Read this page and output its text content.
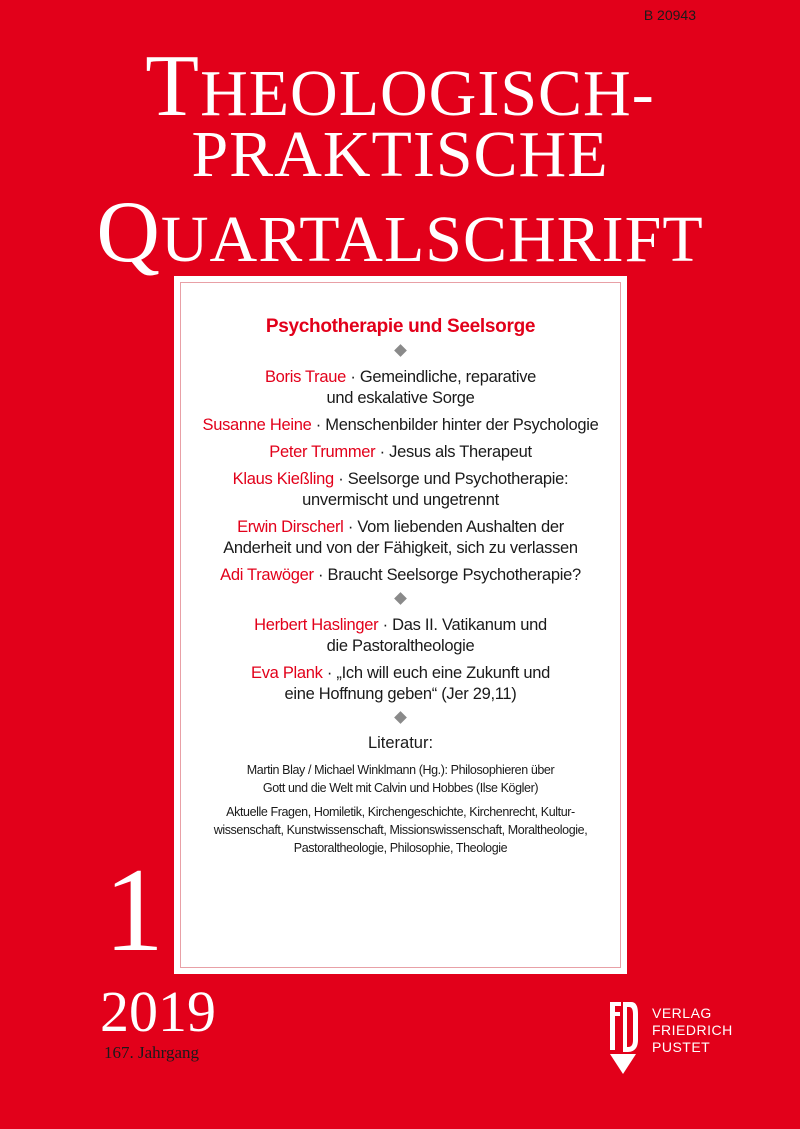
B 20943
THEOLOGISCH-
PRAKTISCHE
QUARTALSCHRIFT
Psychotherapie und Seelsorge
Boris Traue · Gemeindliche, reparative
und eskalative Sorge
Susanne Heine · Menschenbilder hinter der Psychologie
Peter Trummer · Jesus als Therapeut
Klaus Kießling · Seelsorge und Psychotherapie:
unvermischt und ungetrennt
Erwin Dirscherl · Vom liebenden Aushalten der
Anderheit und von der Fähigkeit, sich zu verlassen
Adi Trawöger · Braucht Seelsorge Psychotherapie?
Herbert Haslinger · Das II. Vatikanum und
die Pastoraltheologie
Eva Plank · „Ich will euch eine Zukunft und
eine Hoffnung geben“ (Jer 29,11)
Literatur:
Martin Blay / Michael Winklmann (Hg.): Philosophieren über
Gott und die Welt mit Calvin und Hobbes (Ilse Kögler)
Aktuelle Fragen, Homiletik, Kirchengeschichte, Kirchenrecht, Kultur-
wissenschaft, Kunstwissenschaft, Missionswissenschaft, Moraltheologie,
Pastoraltheologie, Philosophie, Theologie
1
2019
167. Jahrgang
VERLAG
FRIEDRICH
PUSTET
